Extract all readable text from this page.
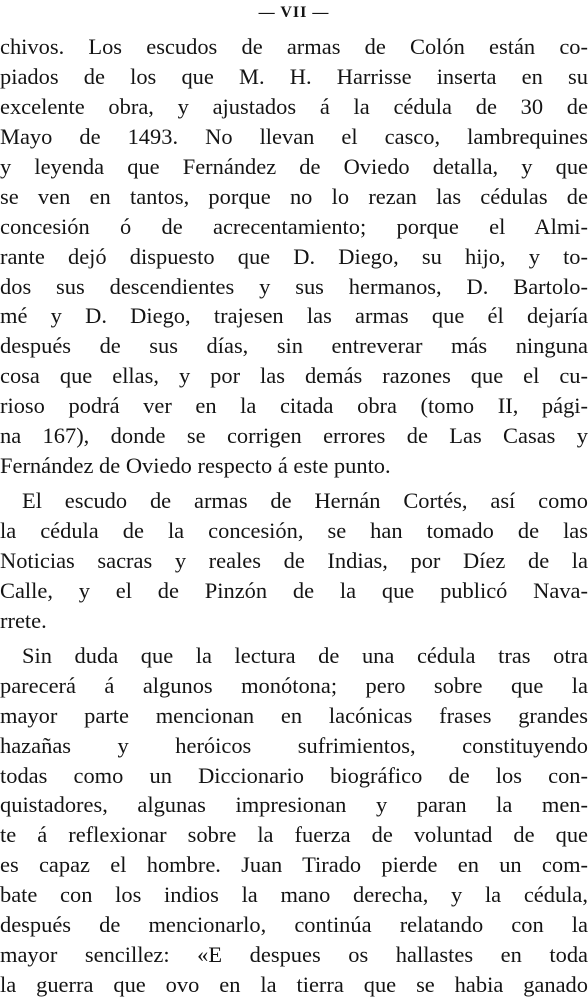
— VII —
chivos. Los escudos de armas de Colón están co-
piados de los que M. H. Harrisse inserta en su
excelente obra, y ajustados á la cédula de 30 de
Mayo de 1493. No llevan el casco, lambrequines
y leyenda que Fernández de Oviedo detalla, y que
se ven en tantos, porque no lo rezan las cédulas de
concesión ó de acrecentamiento; porque el Almi-
rante dejó dispuesto que D. Diego, su hijo, y to-
dos sus descendientes y sus hermanos, D. Bartolo-
mé y D. Diego, trajesen las armas que él dejaría
después de sus días, sin entreverar más ninguna
cosa que ellas, y por las demás razones que el cu-
rioso podrá ver en la citada obra (tomo II, pági-
na 167), donde se corrigen errores de Las Casas y
Fernández de Oviedo respecto á este punto.
El escudo de armas de Hernán Cortés, así como
la cédula de la concesión, se han tomado de las
Noticias sacras y reales de Indias, por Díez de la
Calle, y el de Pinzón de la que publicó Nava-
rrete.
Sin duda que la lectura de una cédula tras otra
parecerá á algunos monótona; pero sobre que la
mayor parte mencionan en lacónicas frases grandes
hazañas y heróicos sufrimientos, constituyendo
todas como un Diccionario biográfico de los con-
quistadores, algunas impresionan y paran la men-
te á reflexionar sobre la fuerza de voluntad de que
es capaz el hombre. Juan Tirado pierde en un com-
bate con los indios la mano derecha, y la cédula,
después de mencionarlo, continúa relatando con la
mayor sencillez: «E despues os hallastes en toda
la guerra que ovo en la tierra que se habia ganado
